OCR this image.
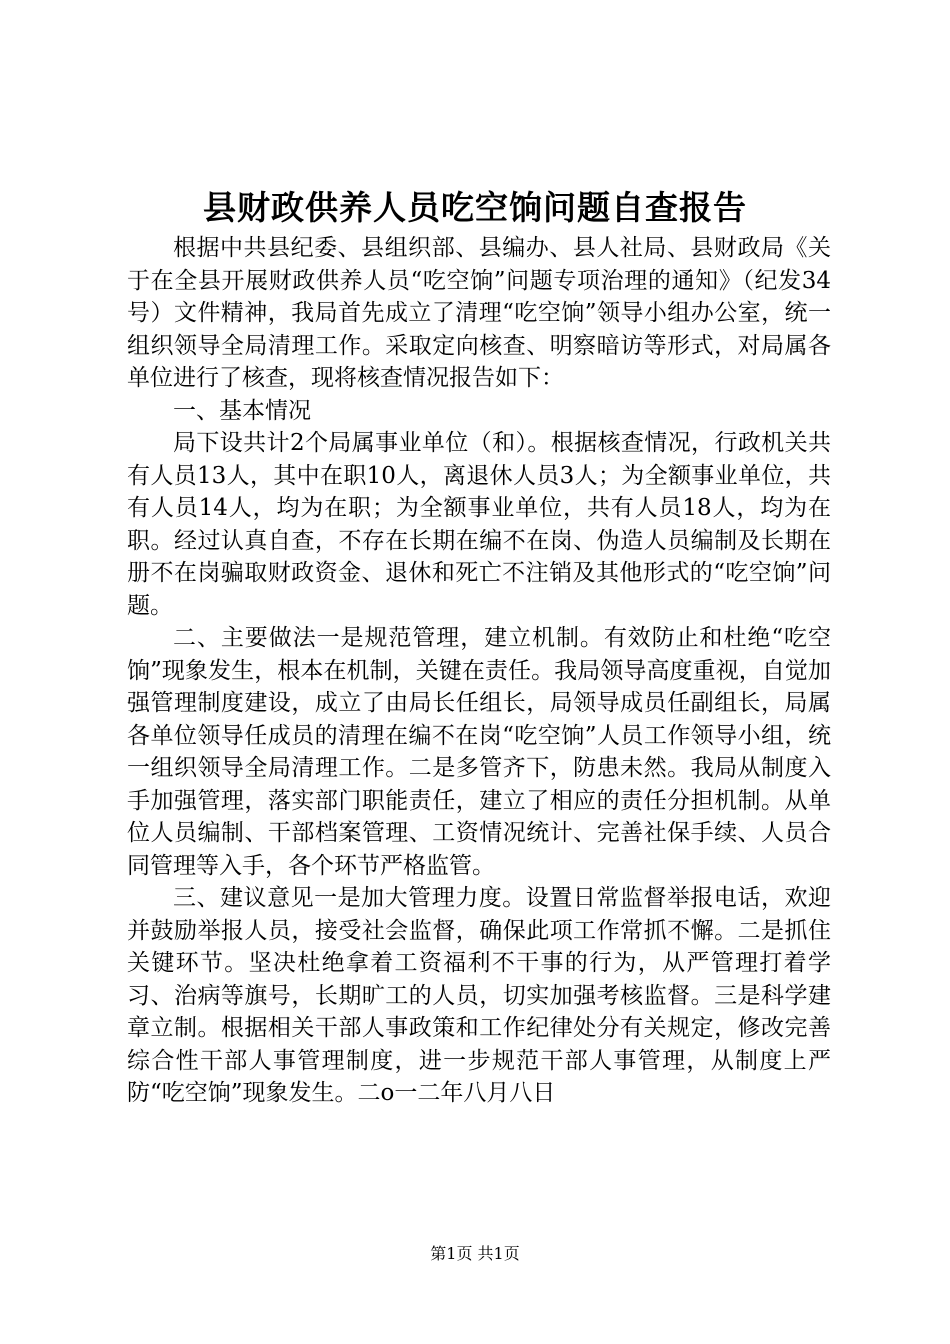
县财政供养人员吃空饷问题自查报告

根据中共县纪委、县组织部、县编办、县人社局、县财政局《关于在全县开展财政供养人员“吃空饷”问题专项治理的通知》（纪发34号）文件精神，我局首先成立了清理“吃空饷”领导小组办公室，统一组织领导全局清理工作。采取定向核查、明察暗访等形式，对局属各单位进行了核查，现将核查情况报告如下：

一、基本情况

局下设共计2个局属事业单位（和）。根据核查情况，行政机关共有人员13人，其中在职10人，离退休人员3人；为全额事业单位，共有人员14人，均为在职；为全额事业单位，共有人员18人，均为在职。经过认真自查，不存在长期在编不在岗、伪造人员编制及长期在册不在岗骗取财政资金、退休和死亡不注销及其他形式的“吃空饷”问题。

二、主要做法一是规范管理，建立机制。有效防止和杜绝“吃空饷”现象发生，根本在机制，关键在责任。我局领导高度重视，自觉加强管理制度建设，成立了由局长任组长，局领导成员任副组长，局属各单位领导任成员的清理在编不在岗“吃空饷”人员工作领导小组，统一组织领导全局清理工作。二是多管齐下，防患未然。我局从制度入手加强管理，落实部门职能责任，建立了相应的责任分担机制。从单位人员编制、干部档案管理、工资情况统计、完善社保手续、人员合同管理等入手，各个环节严格监管。

三、建议意见一是加大管理力度。设置日常监督举报电话，欢迎并鼓励举报人员，接受社会监督，确保此项工作常抓不懈。二是抓住关键环节。坚决杜绝拿着工资福利不干事的行为，从严管理打着学习、治病等旗号，长期旷工的人员，切实加强考核监督。三是科学建章立制。根据相关干部人事政策和工作纪律处分有关规定，修改完善综合性干部人事管理制度，进一步规范干部人事管理，从制度上严防“吃空饷”现象发生。二o一二年八月八日

第1页 共1页
